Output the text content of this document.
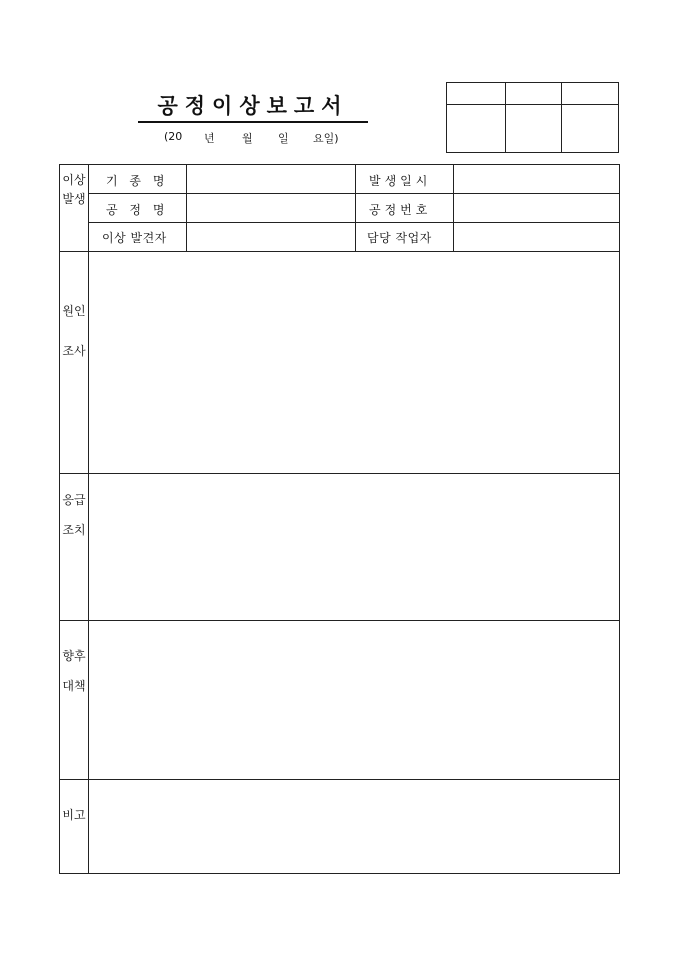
공정이상보고서
(20 년 월 일 요일)
이상발생
기 종 명
공 정 명
이상 발견자
발생일시
공정번호
담당 작업자
원인조사
응급조치
향후대책
비고
